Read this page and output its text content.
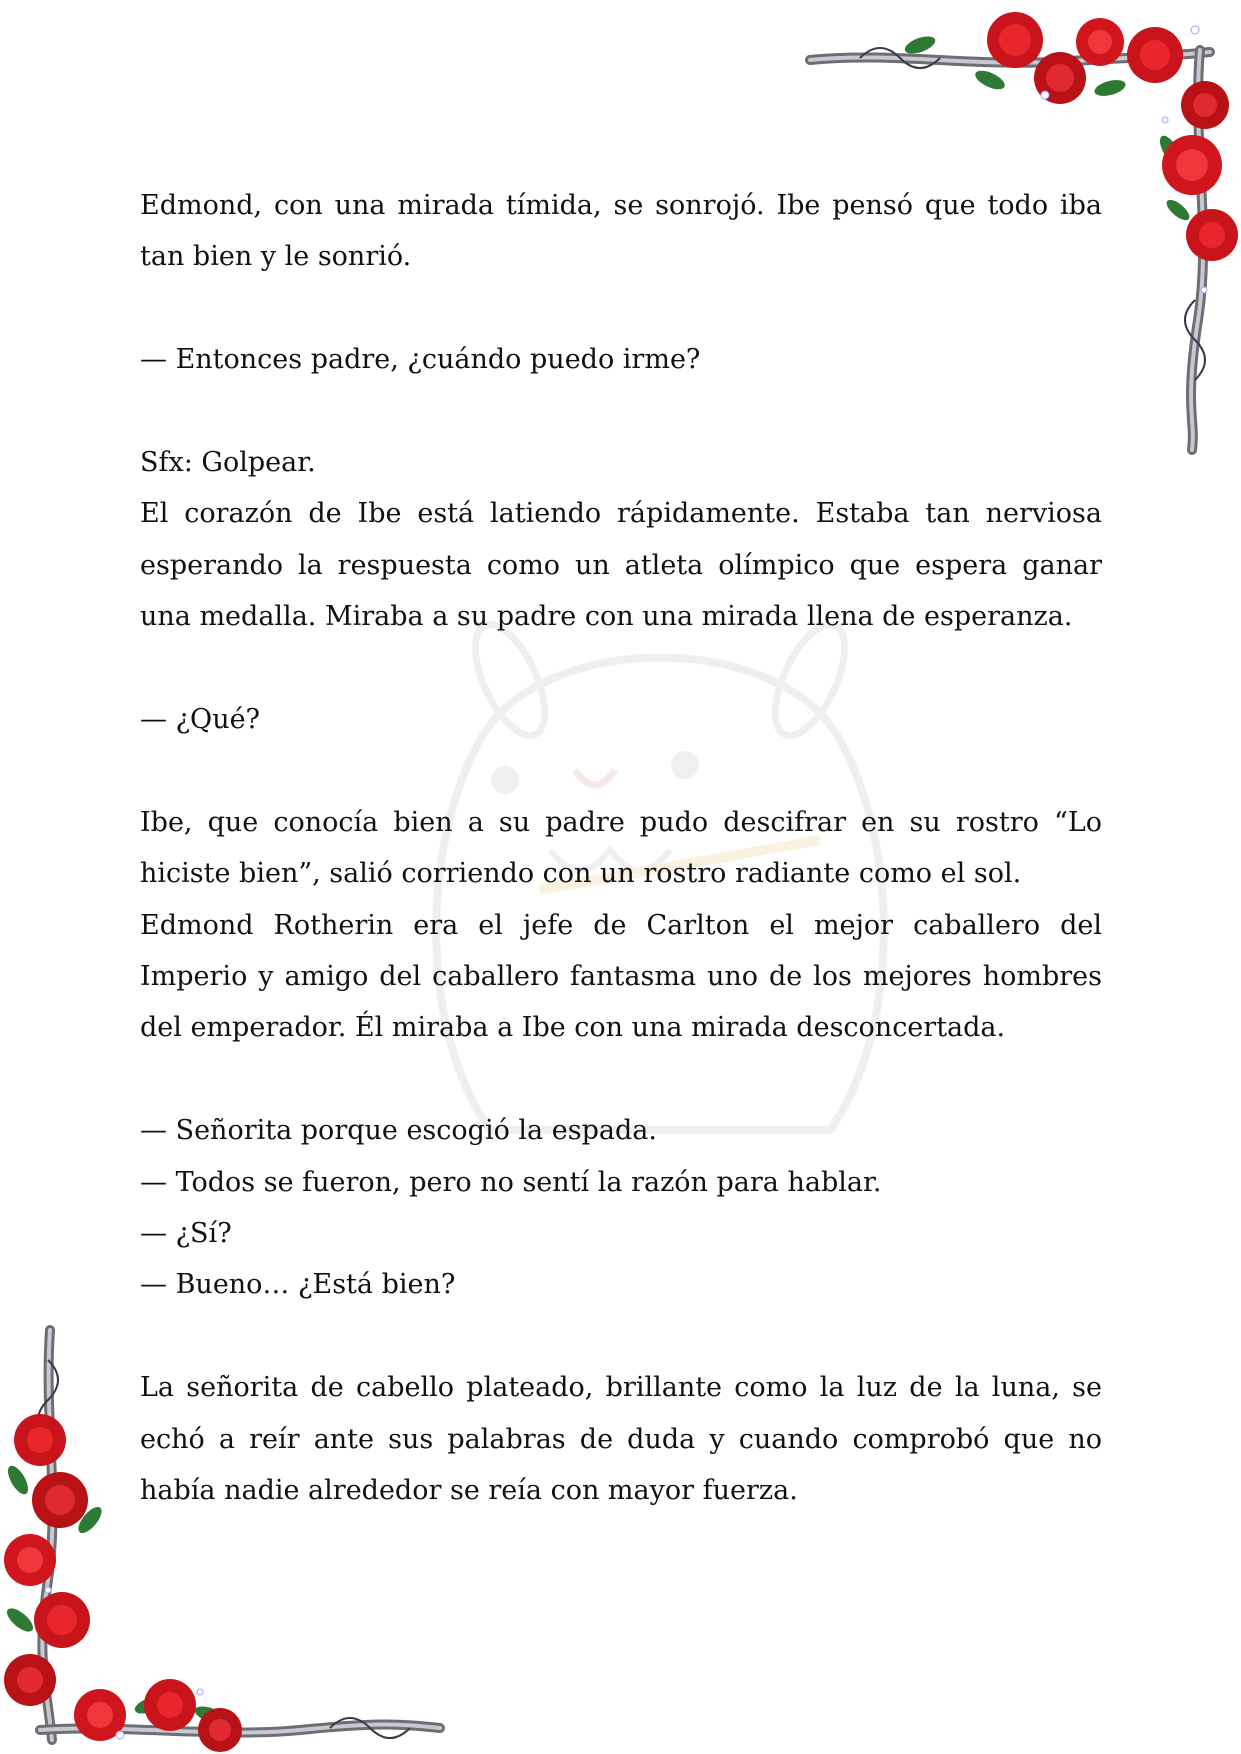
Edmond, con una mirada tímida, se sonrojó. Ibe pensó que todo iba tan bien y le sonrió.

— Entonces padre, ¿cuándo puedo irme?

Sfx: Golpear.

El corazón de Ibe está latiendo rápidamente. Estaba tan nerviosa esperando la respuesta como un atleta olímpico que espera ganar una medalla. Miraba a su padre con una mirada llena de esperanza.

— ¿Qué?

Ibe, que conocía bien a su padre pudo descifrar en su rostro “Lo hiciste bien”, salió corriendo con un rostro radiante como el sol.

Edmond Rotherin era el jefe de Carlton el mejor caballero del Imperio y amigo del caballero fantasma uno de los mejores hombres del emperador. Él miraba a Ibe con una mirada desconcertada.

— Señorita porque escogió la espada.

— Todos se fueron, pero no sentí la razón para hablar.

— ¿Sí?

— Bueno… ¿Está bien?

La señorita de cabello plateado, brillante como la luz de la luna, se echó a reír ante sus palabras de duda y cuando comprobó que no había nadie alrededor se reía con mayor fuerza.
